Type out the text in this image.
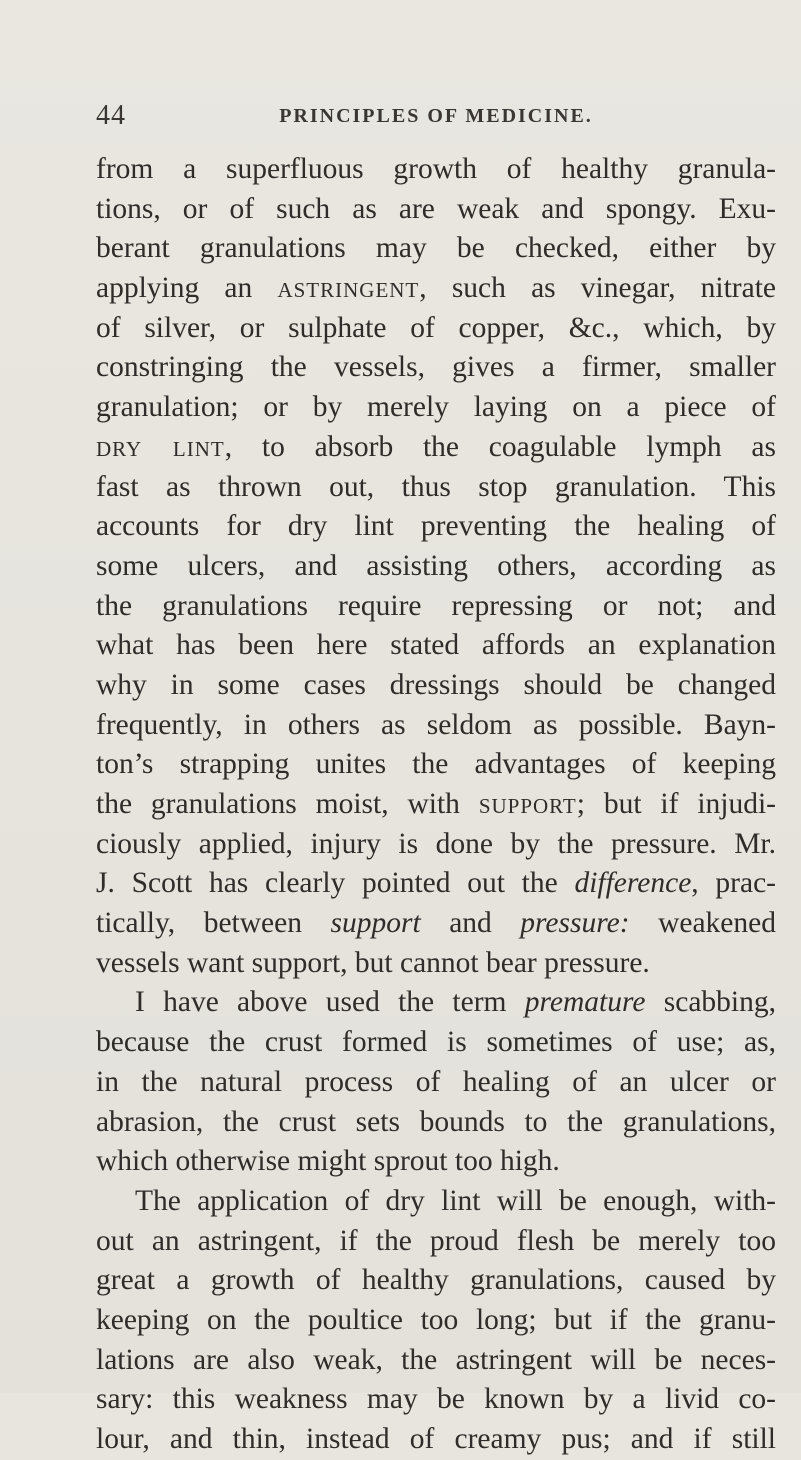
44	PRINCIPLES OF MEDICINE.
from a superfluous growth of healthy granula-
tions, or of such as are weak and spongy. Exu-
berant granulations may be checked, either by
applying an astringent, such as vinegar, nitrate
of silver, or sulphate of copper, &c., which, by
constringing the vessels, gives a firmer, smaller
granulation; or by merely laying on a piece of
dry lint, to absorb the coagulable lymph as
fast as thrown out, thus stop granulation. This
accounts for dry lint preventing the healing of
some ulcers, and assisting others, according as
the granulations require repressing or not; and
what has been here stated affords an explanation
why in some cases dressings should be changed
frequently, in others as seldom as possible. Bayn-
ton’s strapping unites the advantages of keeping
the granulations moist, with support; but if injudi-
ciously applied, injury is done by the pressure. Mr.
J. Scott has clearly pointed out the difference, prac-
tically, between support and pressure: weakened
vessels want support, but cannot bear pressure.
I have above used the term premature scabbing,
because the crust formed is sometimes of use; as,
in the natural process of healing of an ulcer or
abrasion, the crust sets bounds to the granulations,
which otherwise might sprout too high.
The application of dry lint will be enough, with-
out an astringent, if the proud flesh be merely too
great a growth of healthy granulations, caused by
keeping on the poultice too long; but if the granu-
lations are also weak, the astringent will be neces-
sary: this weakness may be known by a livid co-
lour, and thin, instead of creamy pus; and if still
